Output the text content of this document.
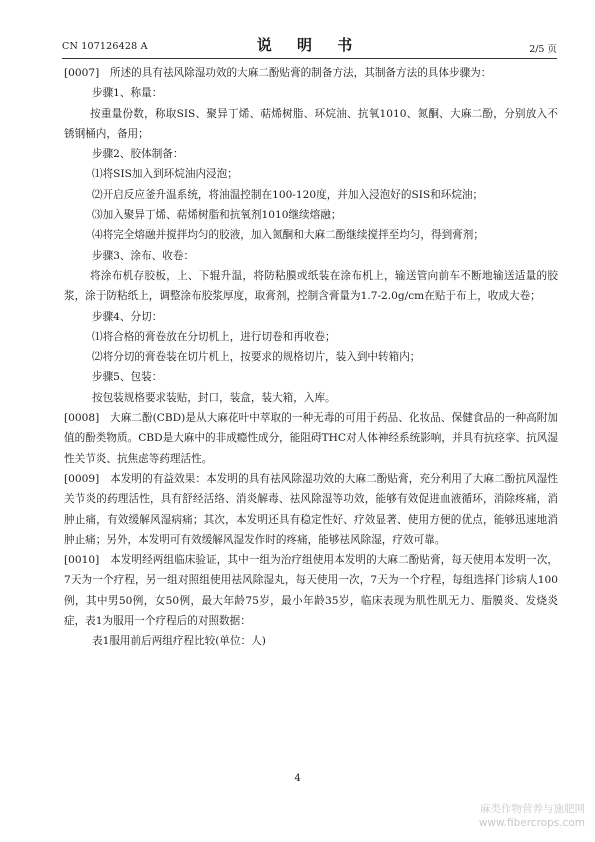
CN 107126428 A	说 明 书	2/5 页

[0007] 所述的具有祛风除湿功效的大麻二酚贴膏的制备方法，其制备方法的具体步骤为：

步骤1、称量：

按重量份数，称取SIS、聚异丁烯、萜烯树脂、环烷油、抗氧1010、氮酮、大麻二酚，分别放入不锈钢桶内，备用；

步骤2、胶体制备：

⑴将SIS加入到环烷油内浸泡；

⑵开启反应釜升温系统，将油温控制在100-120度，并加入浸泡好的SIS和环烷油；

⑶加入聚异丁烯、萜烯树脂和抗氧剂1010继续熔融；

⑷将完全熔融并搅拌均匀的胶液，加入氮酮和大麻二酚继续搅拌至均匀，得到膏剂；

步骤3、涂布、收卷：

将涂布机存胶板，上、下辊升温，将防粘膜或纸装在涂布机上，输送管向前车不断地输送适量的胶浆，涂于防粘纸上，调整涂布胶浆厚度，取膏剂，控制含膏量为1.7-2.0g/cm在贴于布上，收成大卷；

步骤4、分切：

⑴将合格的膏卷放在分切机上，进行切卷和再收卷；

⑵将分切的膏卷装在切片机上，按要求的规格切片，装入到中转箱内；

步骤5、包装：

按包装规格要求装贴，封口，装盒，装大箱，入库。

[0008] 大麻二酚(CBD)是从大麻花叶中萃取的一种无毒的可用于药品、化妆品、保健食品的一种高附加值的酚类物质。CBD是大麻中的非成瘾性成分，能阻碍THC对人体神经系统影响，并具有抗痉挛、抗风湿性关节炎、抗焦虑等药理活性。

[0009] 本发明的有益效果：本发明的具有祛风除湿功效的大麻二酚贴膏，充分利用了大麻二酚抗风湿性关节炎的药理活性，具有舒经活络、消炎解毒、祛风除湿等功效，能够有效促进血液循环，消除疼痛，消肿止痛，有效缓解风湿病痛；其次，本发明还具有稳定性好、疗效显著、使用方便的优点，能够迅速地消肿止痛；另外，本发明可有效缓解风湿发作时的疼痛，能够祛风除湿，疗效可靠。

[0010] 本发明经两组临床验证，其中一组为治疗组使用本发明的大麻二酚贴膏，每天使用本发明一次，7天为一个疗程，另一组对照组使用祛风除湿丸，每天使用一次，7天为一个疗程，每组选择门诊病人100例，其中男50例，女50例，最大年龄75岁，最小年龄35岁，临床表现为肌性肌无力、脂膜炎、发烧炎症，表1为服用一个疗程后的对照数据：

表1服用前后两组疗程比较(单位：人)

4
麻类作物营养与施肥网
www.fibercrops.com
